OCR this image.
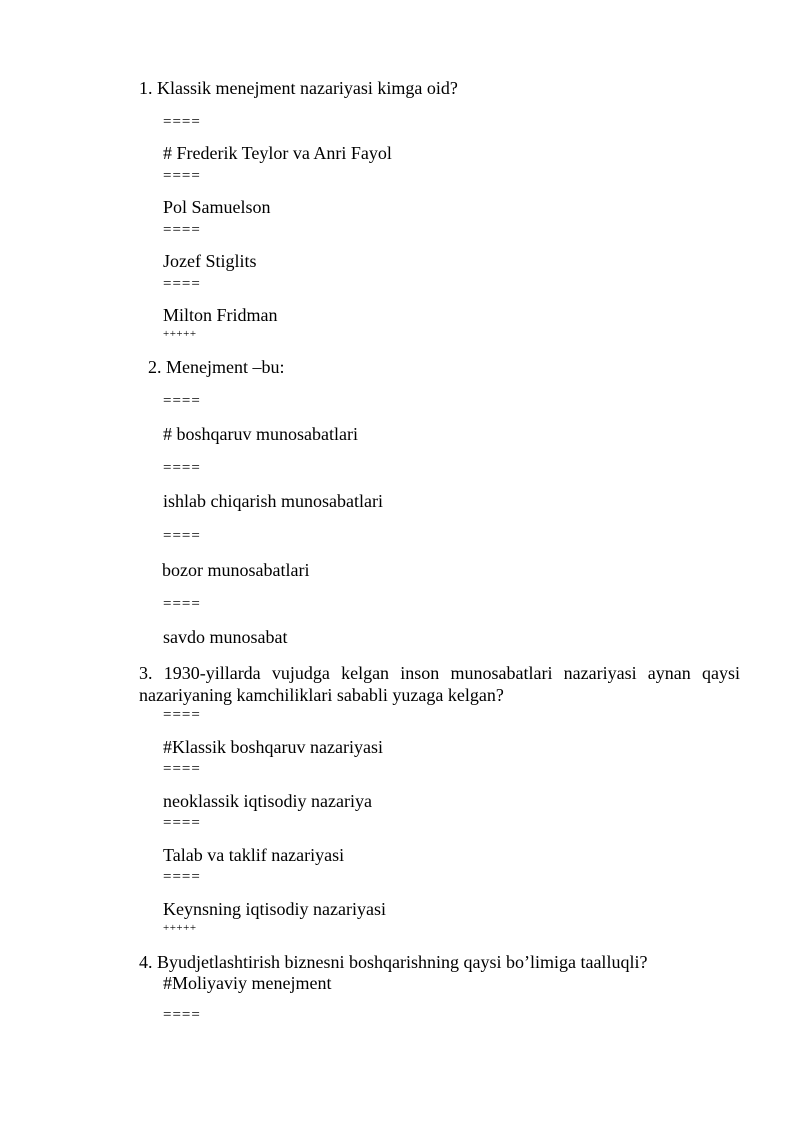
1. Klassik menejment nazariyasi kimga oid?
====
# Frederik Teylor va Anri Fayol
====
Pol Samuelson
====
Jozef Stiglits
====
Milton Fridman
+++++
2. Menejment –bu:
====
# boshqaruv munosabatlari
====
ishlab chiqarish munosabatlari
====
bozor munosabatlari
====
savdo munosabat
3. 1930-yillarda vujudga kelgan inson munosabatlari nazariyasi aynan qaysi nazariyaning kamchiliklari sababli yuzaga kelgan?
====
#Klassik boshqaruv nazariyasi
====
neoklassik iqtisodiy nazariya
====
Talab va taklif nazariyasi
====
Keynsning iqtisodiy nazariyasi
+++++
4. Byudjetlashtirish biznesni boshqarishning qaysi bo’limiga taalluqli?
#Moliyaviy menejment
====
